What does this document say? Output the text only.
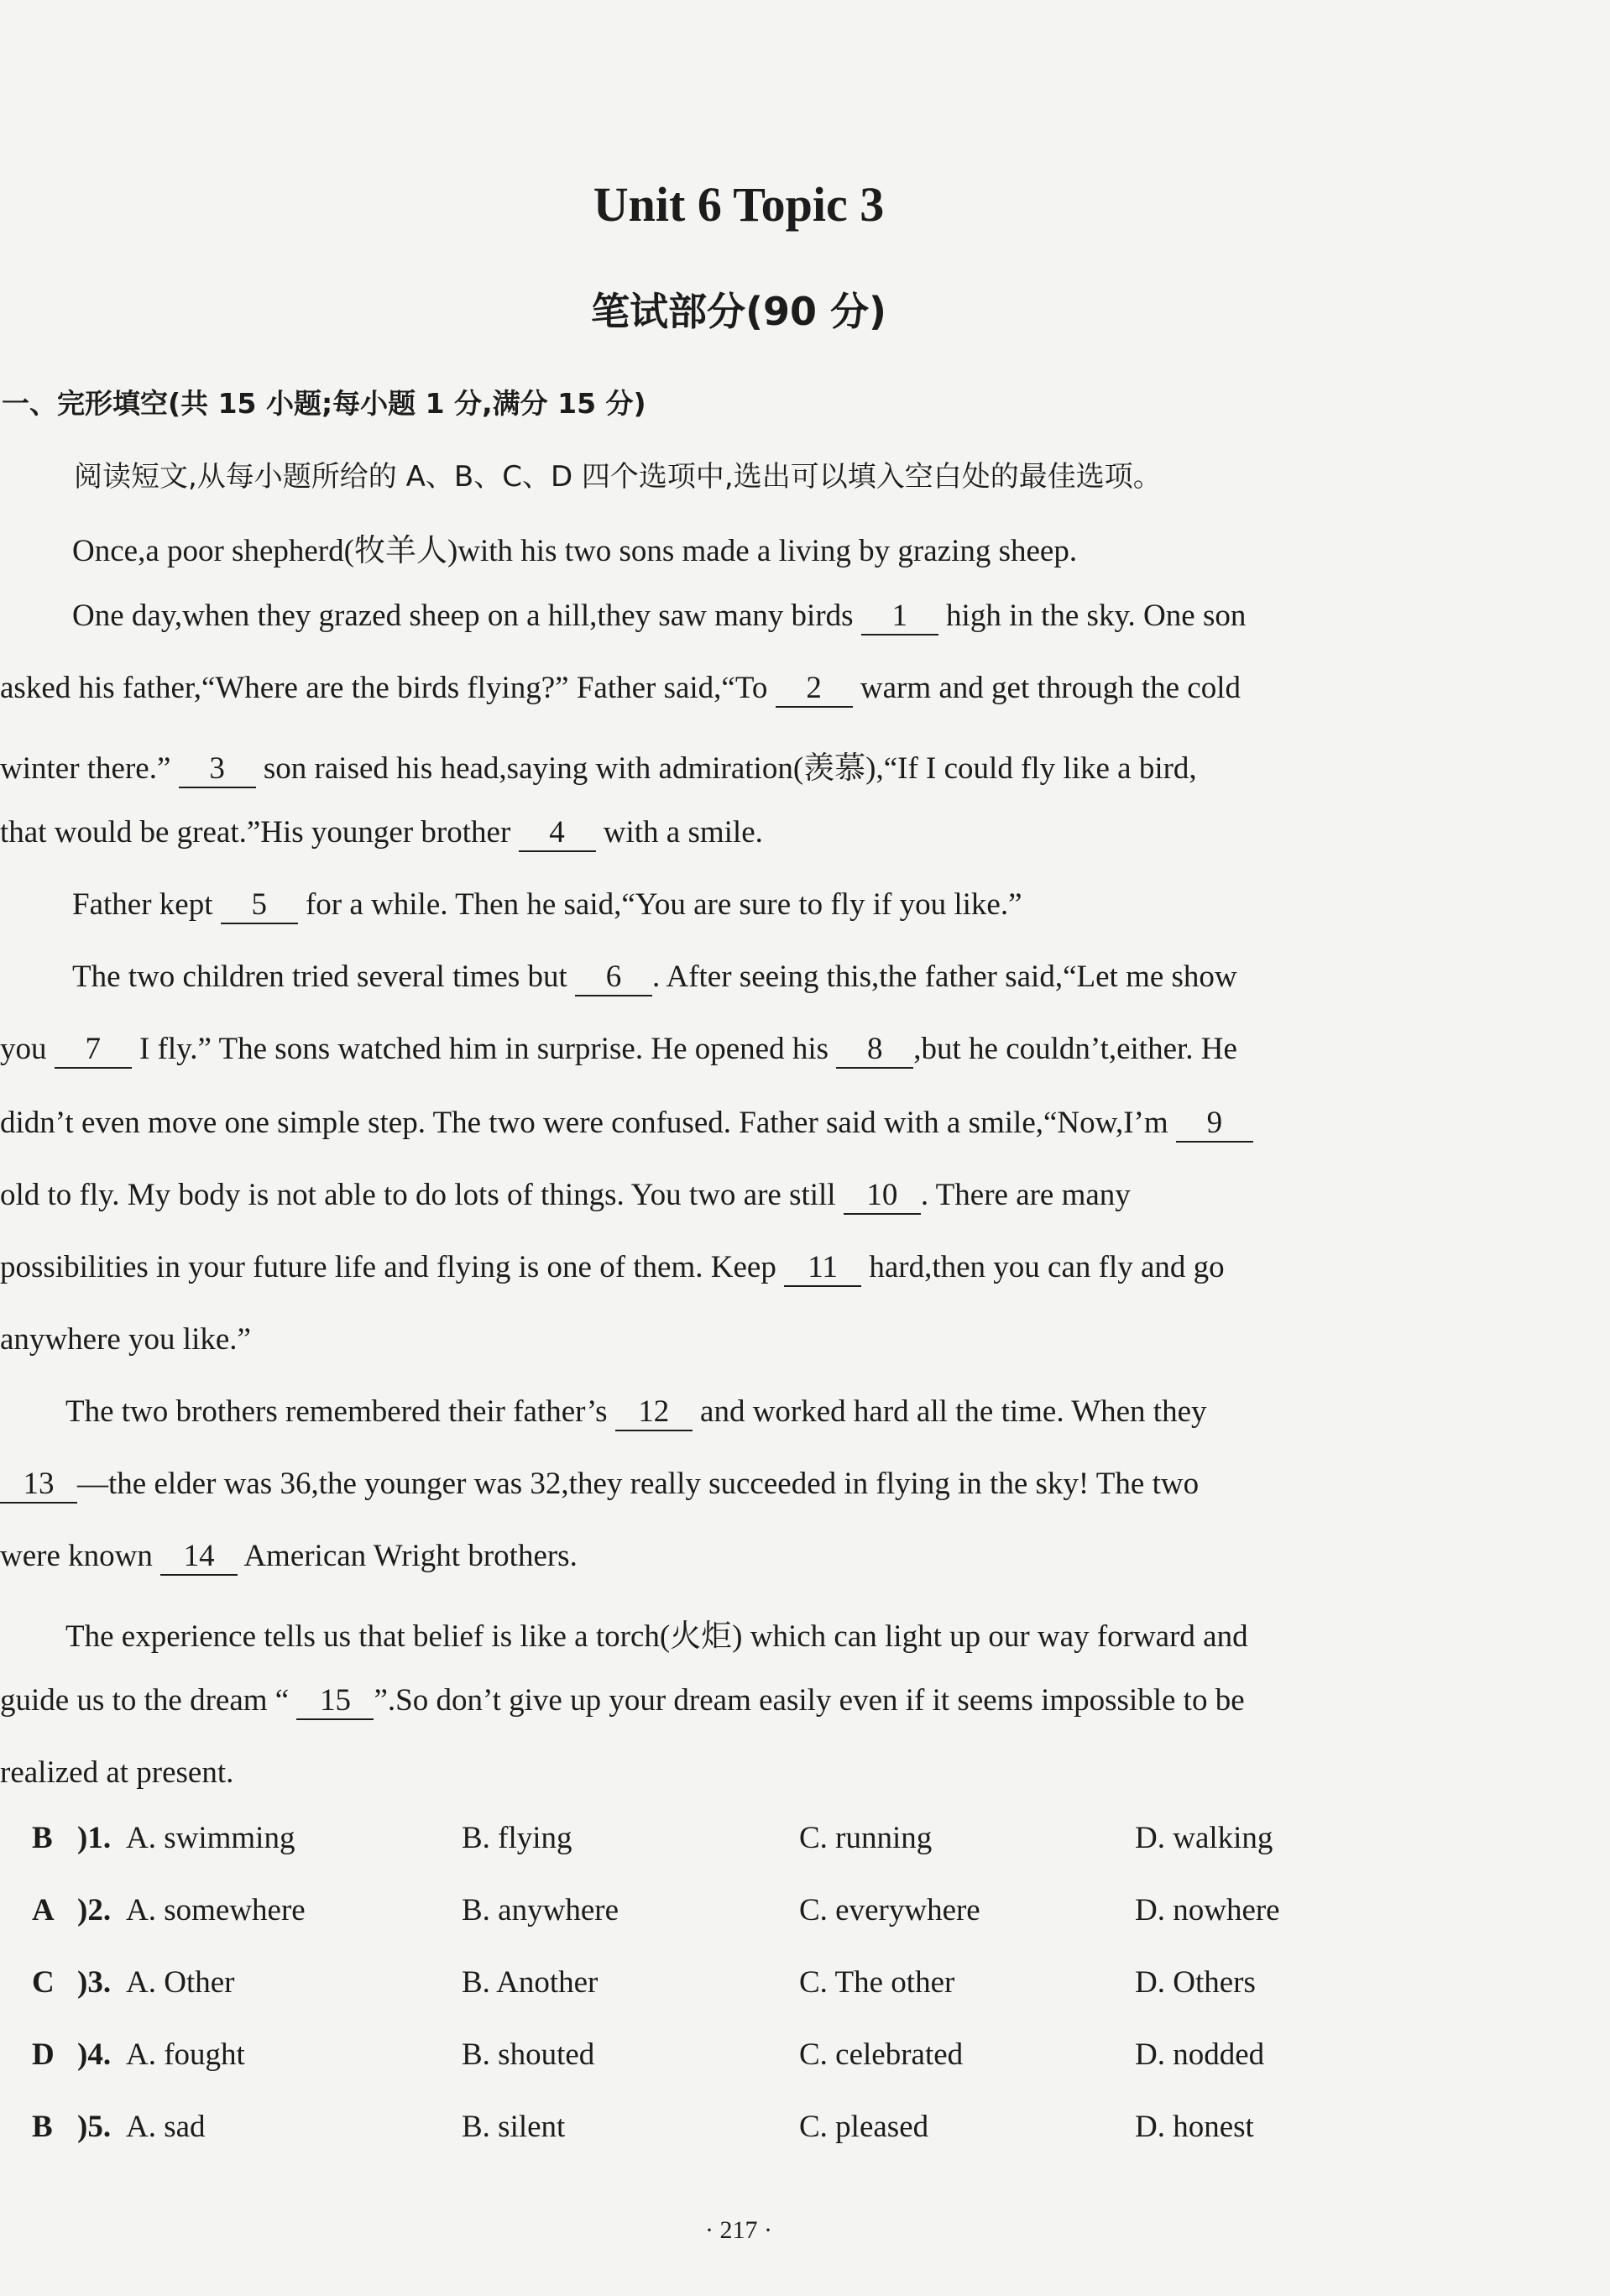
Unit 6 Topic 3
笔试部分(90 分)
一、完形填空(共 15 小题;每小题 1 分,满分 15 分)
阅读短文,从每小题所给的 A、B、C、D 四个选项中,选出可以填入空白处的最佳选项。
Once,a poor shepherd(牧羊人)with his two sons made a living by grazing sheep.
One day,when they grazed sheep on a hill,they saw many birds 1 high in the sky. One son
asked his father,“Where are the birds flying?” Father said,“To 2 warm and get through the cold
winter there.” 3 son raised his head,saying with admiration(羡慕),“If I could fly like a bird,
that would be great.”His younger brother 4 with a smile.
Father kept 5 for a while. Then he said,“You are sure to fly if you like.”
The two children tried several times but 6 . After seeing this,the father said,“Let me show
you 7 I fly.” The sons watched him in surprise. He opened his 8 ,but he couldn’t,either. He
didn’t even move one simple step. The two were confused. Father said with a smile,“Now,I’m 9
old to fly. My body is not able to do lots of things. You two are still 10 . There are many
possibilities in your future life and flying is one of them. Keep 11 hard,then you can fly and go
anywhere you like.”
The two brothers remembered their father’s 12 and worked hard all the time. When they
13 —the elder was 36,the younger was 32,they really succeeded in flying in the sky! The two
were known 14 American Wright brothers.
The experience tells us that belief is like a torch(火炬) which can light up our way forward and
guide us to the dream “ 15 ”.So don’t give up your dream easily even if it seems impossible to be
realized at present.
B )1. A. swimming	B. flying	C. running	D. walking
A )2. A. somewhere	B. anywhere	C. everywhere	D. nowhere
C )3. A. Other	B. Another	C. The other	D. Others
D )4. A. fought	B. shouted	C. celebrated	D. nodded
B )5. A. sad	B. silent	C. pleased	D. honest
· 217 ·
